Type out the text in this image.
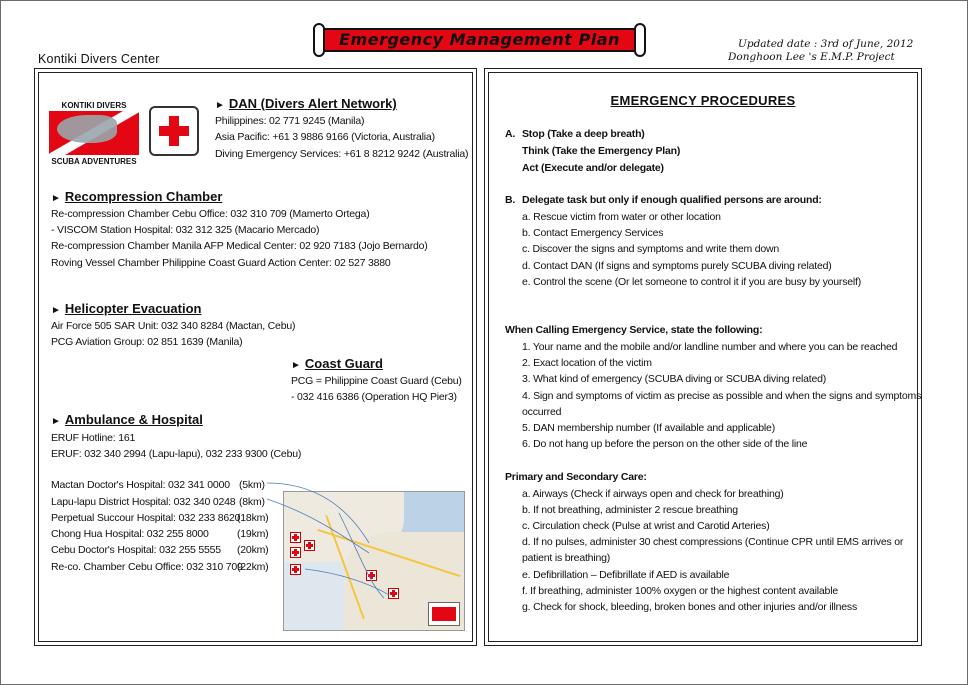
Kontiki Divers Center
Emergency Management Plan	Updated date : 3rd of June, 2012
Donghoon Lee 's E.M.P. Project
KONTIKI DIVERS
SCUBA ADVENTURES
► DAN (Divers Alert Network)
Philippines: 02 771 9245 (Manila)
Asia Pacific: +61 3 9886 9166 (Victoria, Australia)
Diving Emergency Services: +61 8 8212 9242 (Australia)
► Recompression Chamber
Re-compression Chamber Cebu Office: 032 310 709 (Mamerto Ortega)
- VISCOM Station Hospital: 032 312 325 (Macario Mercado)
Re-compression Chamber Manila AFP Medical Center: 02 920 7183 (Jojo Bernardo)
Roving Vessel Chamber Philippine Coast Guard Action Center: 02 527 3880
► Helicopter Evacuation
Air Force 505 SAR Unit: 032 340 8284 (Mactan, Cebu)
PCG Aviation Group: 02 851 1639 (Manila)
► Coast Guard
PCG = Philippine Coast Guard (Cebu)
- 032 416 6386 (Operation HQ Pier3)
► Ambulance & Hospital
ERUF Hotline: 161
ERUF: 032 340 2994 (Lapu-lapu), 032 233 9300 (Cebu)
Mactan Doctor's Hospital: 032 341 0000 (5km)
Lapu-lapu District Hospital: 032 340 0248 (8km)
Perpetual Succour Hospital: 032 233 8620
(18km)
Chong Hua Hospital: 032 255 8000	(19km)
Cebu Doctor's Hospital: 032 255 5555 (20km)
Re-co. Chamber Cebu Office: 032 310 709
(22km)
EMERGENCY PROCEDURES
A. Stop (Take a deep breath)
Think (Take the Emergency Plan)
Act (Execute and/or delegate)
B. Delegate task but only if enough qualified persons are around:
a. Rescue victim from water or other location
b. Contact Emergency Services
c. Discover the signs and symptoms and write them down
d. Contact DAN (If signs and symptoms purely SCUBA diving related)
e. Control the scene (Or let someone to control it if you are busy by yourself)
When Calling Emergency Service, state the following:
1. Your name and the mobile and/or landline number and where you can be reached
2. Exact location of the victim
3. What kind of emergency (SCUBA diving or SCUBA diving related)
4. Sign and symptoms of victim as precise as possible and when the signs and symptoms
occurred
5. DAN membership number (If available and applicable)
6. Do not hang up before the person on the other side of the line
Primary and Secondary Care:
a. Airways (Check if airways open and check for breathing)
b. If not breathing, administer 2 rescue breathing
c. Circulation check (Pulse at wrist and Carotid Arteries)
d. If no pulses, administer 30 chest compressions (Continue CPR until EMS arrives or
patient is breathing)
e. Defibrillation – Defibrillate if AED is available
f. If breathing, administer 100% oxygen or the highest content available
g. Check for shock, bleeding, broken bones and other injuries and/or illness
